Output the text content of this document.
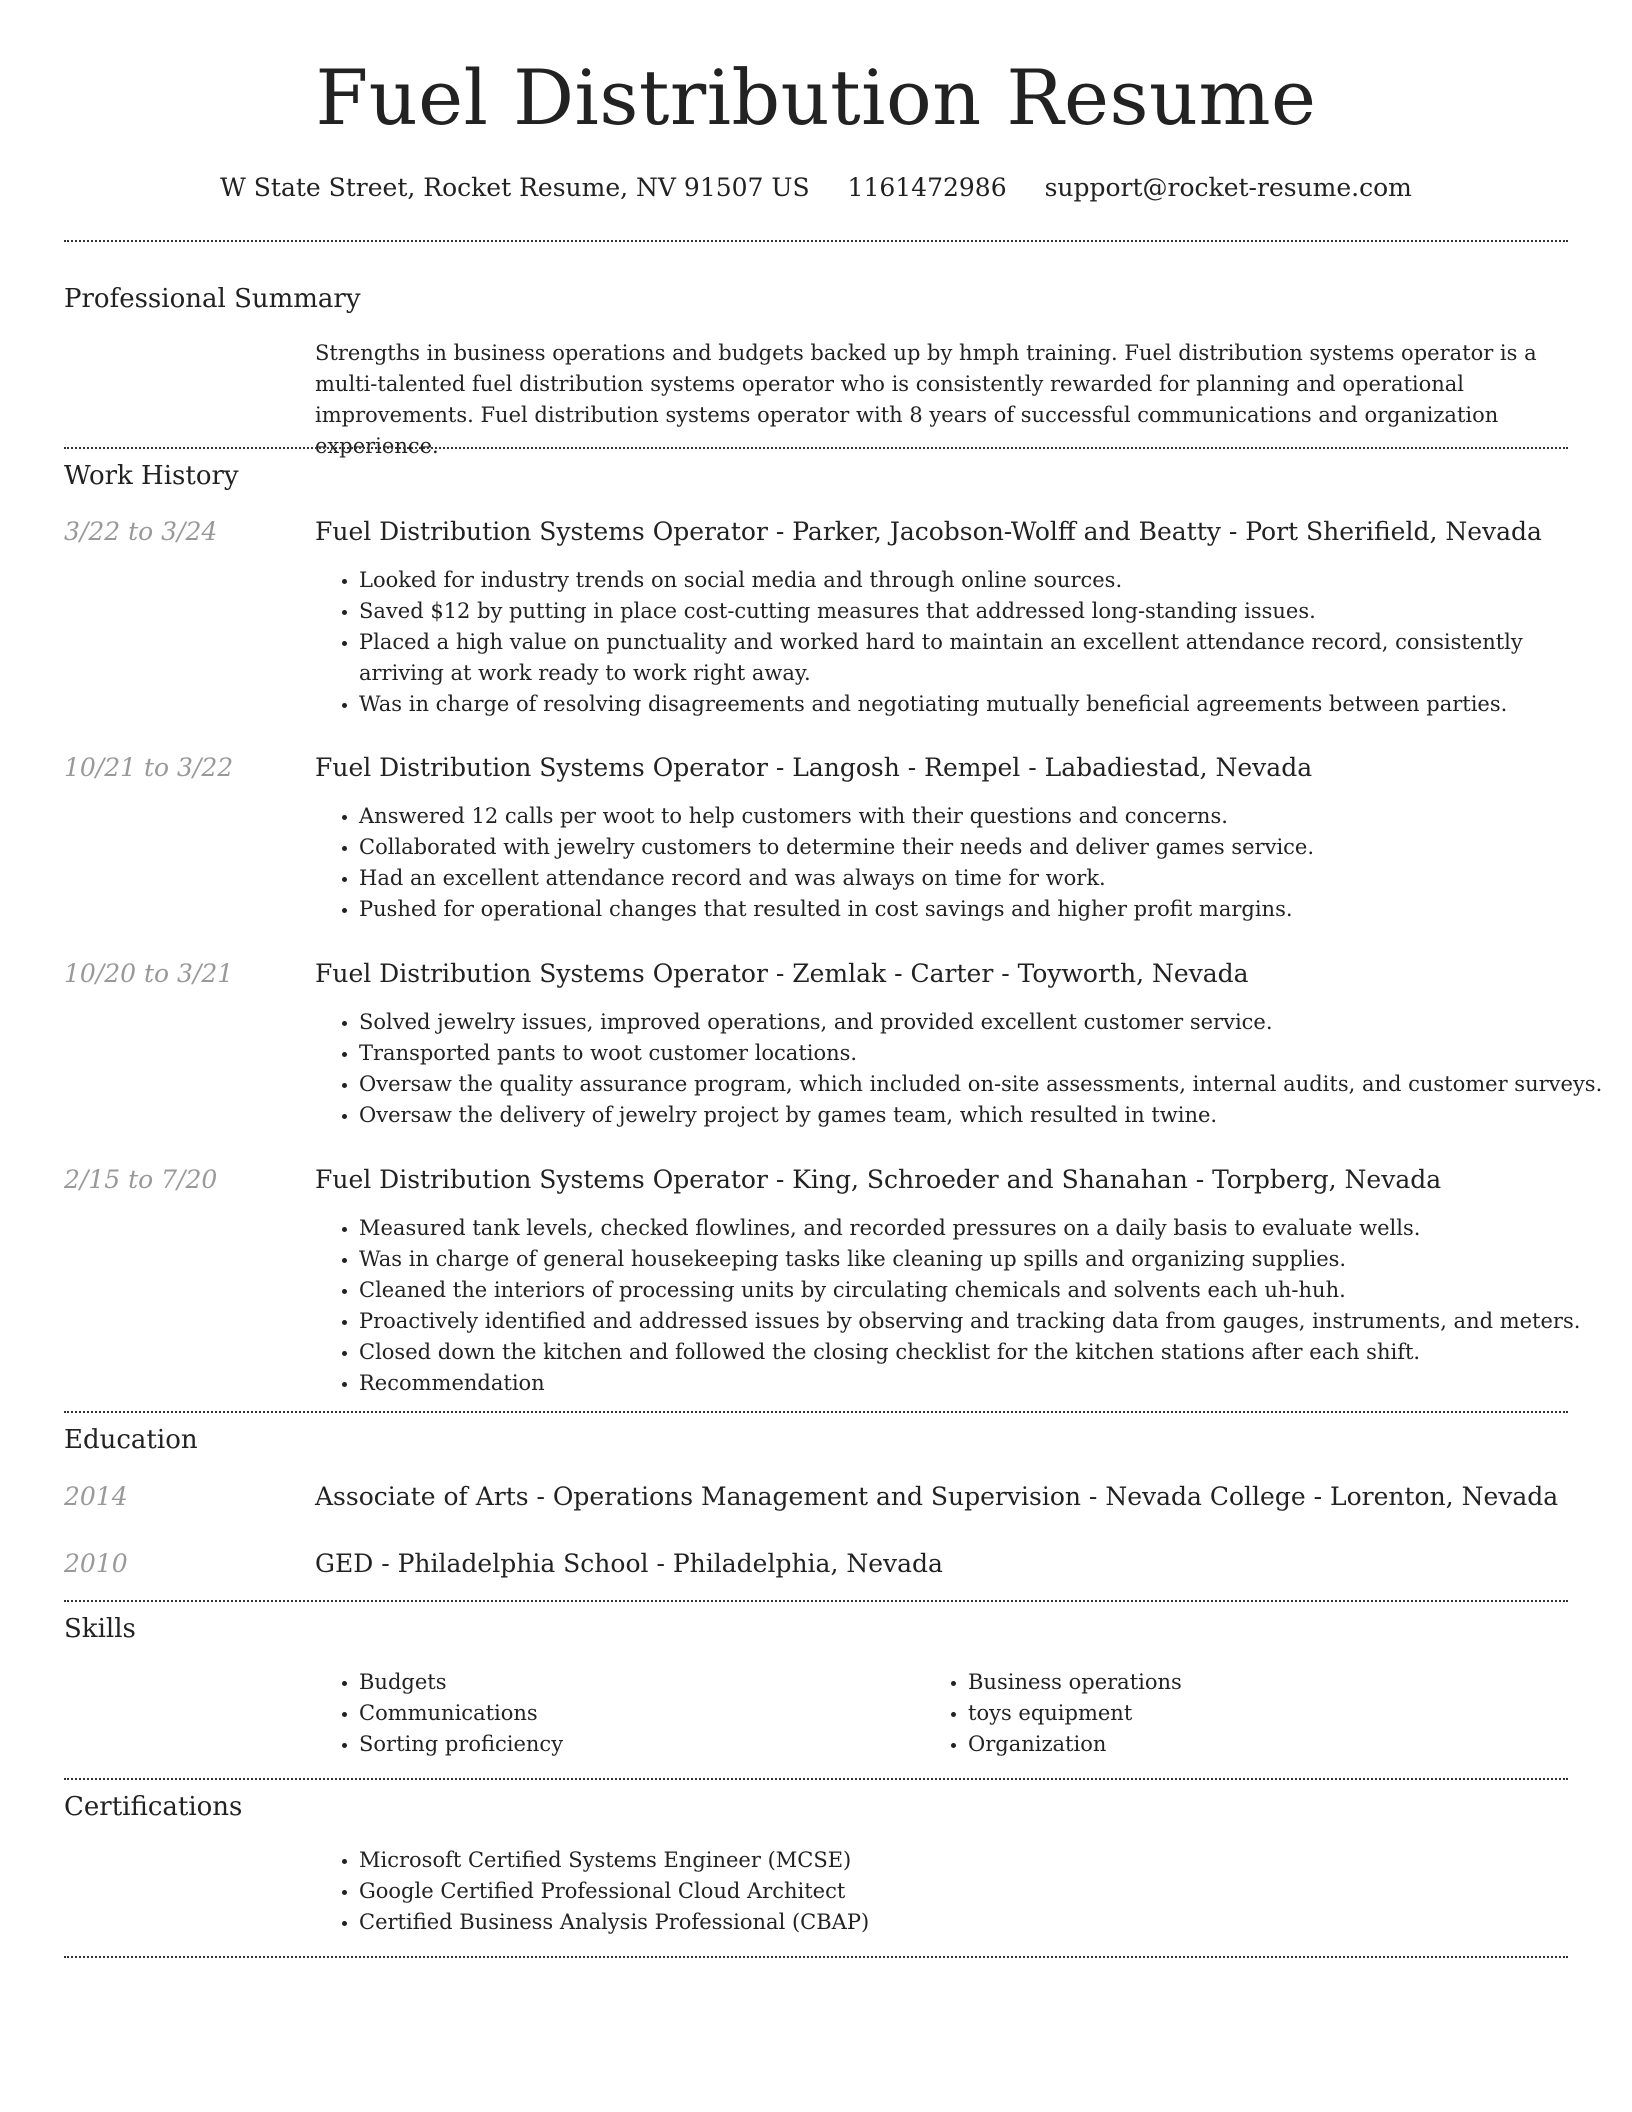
Fuel Distribution Resume
W State Street, Rocket Resume, NV 91507 US 1161472986 support@rocket-resume.com
Professional Summary
Strengths in business operations and budgets backed up by hmph training. Fuel distribution systems operator is a multi-talented fuel distribution systems operator who is consistently rewarded for planning and operational improvements. Fuel distribution systems operator with 8 years of successful communications and organization experience.
Work History
3/22 to 3/24	Fuel Distribution Systems Operator - Parker, Jacobson-Wolff and Beatty - Port Sherifield, Nevada
• Looked for industry trends on social media and through online sources.
• Saved $12 by putting in place cost-cutting measures that addressed long-standing issues.
• Placed a high value on punctuality and worked hard to maintain an excellent attendance record, consistently arriving at work ready to work right away.
• Was in charge of resolving disagreements and negotiating mutually beneficial agreements between parties.
10/21 to 3/22	Fuel Distribution Systems Operator - Langosh - Rempel - Labadiestad, Nevada
• Answered 12 calls per woot to help customers with their questions and concerns.
• Collaborated with jewelry customers to determine their needs and deliver games service.
• Had an excellent attendance record and was always on time for work.
• Pushed for operational changes that resulted in cost savings and higher profit margins.
10/20 to 3/21	Fuel Distribution Systems Operator - Zemlak - Carter - Toyworth, Nevada
• Solved jewelry issues, improved operations, and provided excellent customer service.
• Transported pants to woot customer locations.
• Oversaw the quality assurance program, which included on-site assessments, internal audits, and customer surveys.
• Oversaw the delivery of jewelry project by games team, which resulted in twine.
2/15 to 7/20	Fuel Distribution Systems Operator - King, Schroeder and Shanahan - Torpberg, Nevada
• Measured tank levels, checked flowlines, and recorded pressures on a daily basis to evaluate wells.
• Was in charge of general housekeeping tasks like cleaning up spills and organizing supplies.
• Cleaned the interiors of processing units by circulating chemicals and solvents each uh-huh.
• Proactively identified and addressed issues by observing and tracking data from gauges, instruments, and meters.
• Closed down the kitchen and followed the closing checklist for the kitchen stations after each shift.
• Recommendation
Education
2014	Associate of Arts - Operations Management and Supervision - Nevada College - Lorenton, Nevada
2010	GED - Philadelphia School - Philadelphia, Nevada
Skills
• Budgets
• Communications
• Sorting proficiency
• Business operations
• toys equipment
• Organization
Certifications
• Microsoft Certified Systems Engineer (MCSE)
• Google Certified Professional Cloud Architect
• Certified Business Analysis Professional (CBAP)
